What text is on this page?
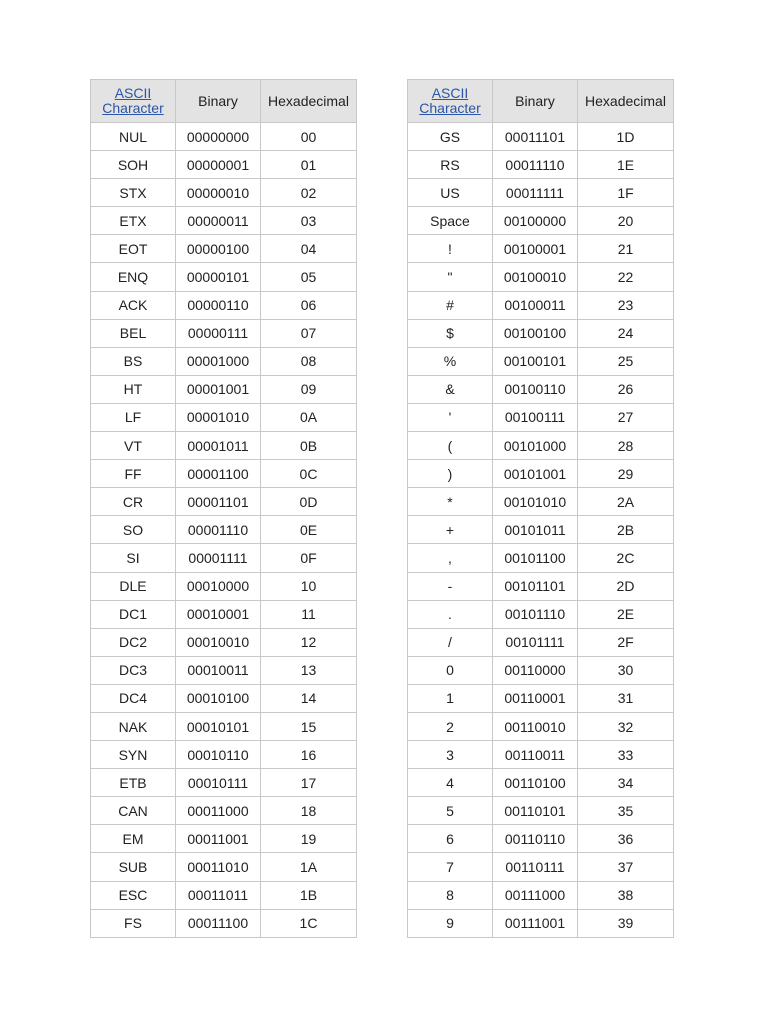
ASCII
Character	Binary	Hexadecimal
NUL	00000000	00
SOH	00000001	01
STX	00000010	02
ETX	00000011	03
EOT	00000100	04
ENQ	00000101	05
ACK	00000110	06
BEL	00000111	07
BS	00001000	08
HT	00001001	09
LF	00001010	0A
VT	00001011	0B
FF	00001100	0C
CR	00001101	0D
SO	00001110	0E
SI	00001111	0F
DLE	00010000	10
DC1	00010001	11
DC2	00010010	12
DC3	00010011	13
DC4	00010100	14
NAK	00010101	15
SYN	00010110	16
ETB	00010111	17
CAN	00011000	18
EM	00011001	19
SUB	00011010	1A
ESC	00011011	1B
FS	00011100	1C
ASCII
Character	Binary	Hexadecimal
GS	00011101	1D
RS	00011110	1E
US	00011111	1F
Space	00100000	20
!	00100001	21
"	00100010	22
#	00100011	23
$	00100100	24
%	00100101	25
&	00100110	26
'	00100111	27
(	00101000	28
)	00101001	29
*	00101010	2A
+	00101011	2B
,	00101100	2C
-	00101101	2D
.	00101110	2E
/	00101111	2F
0	00110000	30
1	00110001	31
2	00110010	32
3	00110011	33
4	00110100	34
5	00110101	35
6	00110110	36
7	00110111	37
8	00111000	38
9	00111001	39
